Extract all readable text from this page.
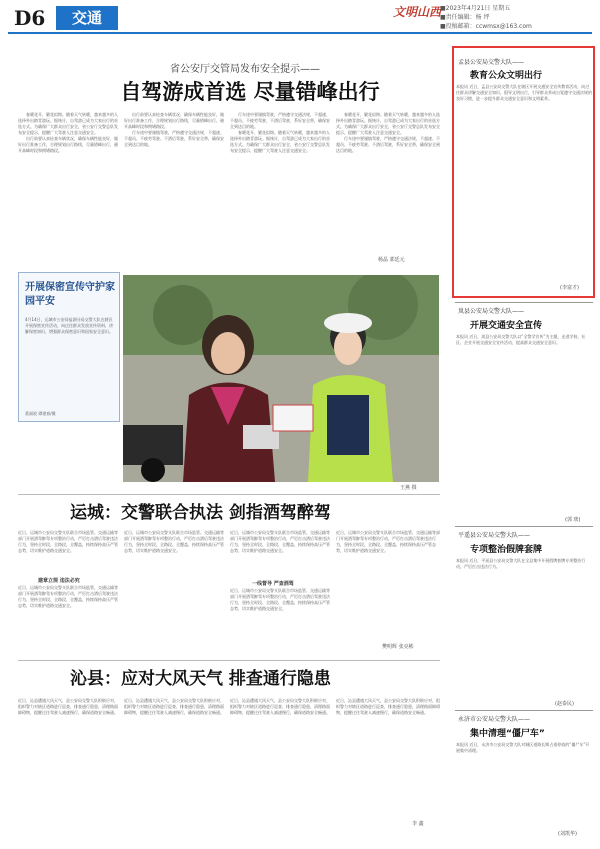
D6	交通	文明山西
■2023年4月21日 星期五
■责任编辑：杨 坪
■投稿邮箱：ccwmsx@163.com
省公安厅交管局发布安全提示——
自驾游成首选 尽量错峰出行

春暖花开，繁花似锦。随着天气转暖，越来越多的人选择外出踏青游玩。据统计，自驾游已成为大家出行的首选方式。为确保广大群众出行安全，省公安厅交警总队发布安全提示，提醒广大驾驶人注意交通安全。

出行前要认真检查车辆状况，确保车辆性能良好，做好出行准备工作，合理规划出行路线，尽量错峰出行，避开高峰时段和拥堵路段。

出行前要认真检查车辆状况，确保车辆性能良好，做好出行准备工作，合理规划出行路线，尽量错峰出行，避开高峰时段和拥堵路段。

行车途中要谨慎驾驶，严格遵守交通法规，不超速、不超员、不疲劳驾驶、不酒后驾驶，系好安全带，确保安全到达目的地。

行车途中要谨慎驾驶，严格遵守交通法规，不超速、不超员、不疲劳驾驶、不酒后驾驶，系好安全带，确保安全到达目的地。

春暖花开，繁花似锦。随着天气转暖，越来越多的人选择外出踏青游玩。据统计，自驾游已成为大家出行的首选方式。为确保广大群众出行安全，省公安厅交警总队发布安全提示，提醒广大驾驶人注意交通安全。

春暖花开，繁花似锦。随着天气转暖，越来越多的人选择外出踏青游玩。据统计，自驾游已成为大家出行的首选方式。为确保广大群众出行安全，省公安厅交警总队发布安全提示，提醒广大驾驶人注意交通安全。

行车途中要谨慎驾驶，严格遵守交通法规，不超速、不超员、不疲劳驾驶、不酒后驾驶，系好安全带，确保安全到达目的地。

杨晶 郭廷元
开展保密宣传守护家园平安
4月14日，运城市公安局盐湖分局交警大队在辖区开展保密宣传活动，向过往群众发放宣传资料，讲解保密知识，增强群众保密意识和国家安全意识。
葛丽收 谭建春/摄
王燕 摄
运城：交警联合执法 剑指酒驾醉驾
近日，运城市公安局交警支队联合市场监管、交通运输等部门开展酒驾醉驾专项整治行动，严厉打击酒后驾驶违法行为，坚持全时段、全路段、全覆盖，持续保持高压严管态势，切实维护道路交通安全。
建章立规 违法必究
近日，运城市公安局交警支队联合市场监管、交通运输等部门开展酒驾醉驾专项整治行动，严厉打击酒后驾驶违法行为，坚持全时段、全路段、全覆盖，持续保持高压严管态势，切实维护道路交通安全。
近日，运城市公安局交警支队联合市场监管、交通运输等部门开展酒驾醉驾专项整治行动，严厉打击酒后驾驶违法行为，坚持全时段、全路段、全覆盖，持续保持高压严管态势，切实维护道路交通安全。
近日，运城市公安局交警支队联合市场监管、交通运输等部门开展酒驾醉驾专项整治行动，严厉打击酒后驾驶违法行为，坚持全时段、全路段、全覆盖，持续保持高压严管态势，切实维护道路交通安全。
一线督导 严查酒驾
近日，运城市公安局交警支队联合市场监管、交通运输等部门开展酒驾醉驾专项整治行动，严厉打击酒后驾驶违法行为，坚持全时段、全路段、全覆盖，持续保持高压严管态势，切实维护道路交通安全。
近日，运城市公安局交警支队联合市场监管、交通运输等部门开展酒驾醉驾专项整治行动，严厉打击酒后驾驶违法行为，坚持全时段、全路段、全覆盖，持续保持高压严管态势，切实维护道路交通安全。
樊明辉 张亮彬
沁县：应对大风天气 排查通行隐患
近日，沁县遭遇大风天气，县公安局交警大队积极应对，组织警力对辖区道路进行巡查，排查通行隐患，清理路面障碍物，提醒过往驾驶人减速慢行，确保道路安全畅通。
近日，沁县遭遇大风天气，县公安局交警大队积极应对，组织警力对辖区道路进行巡查，排查通行隐患，清理路面障碍物，提醒过往驾驶人减速慢行，确保道路安全畅通。
近日，沁县遭遇大风天气，县公安局交警大队积极应对，组织警力对辖区道路进行巡查，排查通行隐患，清理路面障碍物，提醒过往驾驶人减速慢行，确保道路安全畅通。
近日，沁县遭遇大风天气，县公安局交警大队积极应对，组织警力对辖区道路进行巡查，排查通行隐患，清理路面障碍物，提醒过往驾驶人减速慢行，确保道路安全畅通。
李 鑫
孟县公安局交警大队——
教育公众文明出行
本报讯 近日，孟县公安局交警大队在辖区开展交通安全宣传教育活动，向过往群众讲解交通安全知识，倡导文明出行，引导群众养成自觉遵守交通法规的良好习惯，进一步提升群众交通安全意识和文明素养。
(李富才)
岚县公安局交警大队——
开展交通安全宣传
本报讯 近日，岚县公安局交警大队以“全警学宣传”为主题，走进学校、社区、企业开展交通安全宣传活动，提高群众交通安全意识。
(郭 琰)
平遥县公安局交警大队——
专项整治假牌套牌
本报讯 近日，平遥县公安局交警大队在全县集中开展假牌套牌专项整治行动，严厉打击违法行为。
(赵泰民)
永济市公安局交警大队——
集中清理“僵尸车”
本报讯 近日，永济市公安局交警大队对城区道路长期占道停放的“僵尸车”开展集中清理。
(刘凯华)
